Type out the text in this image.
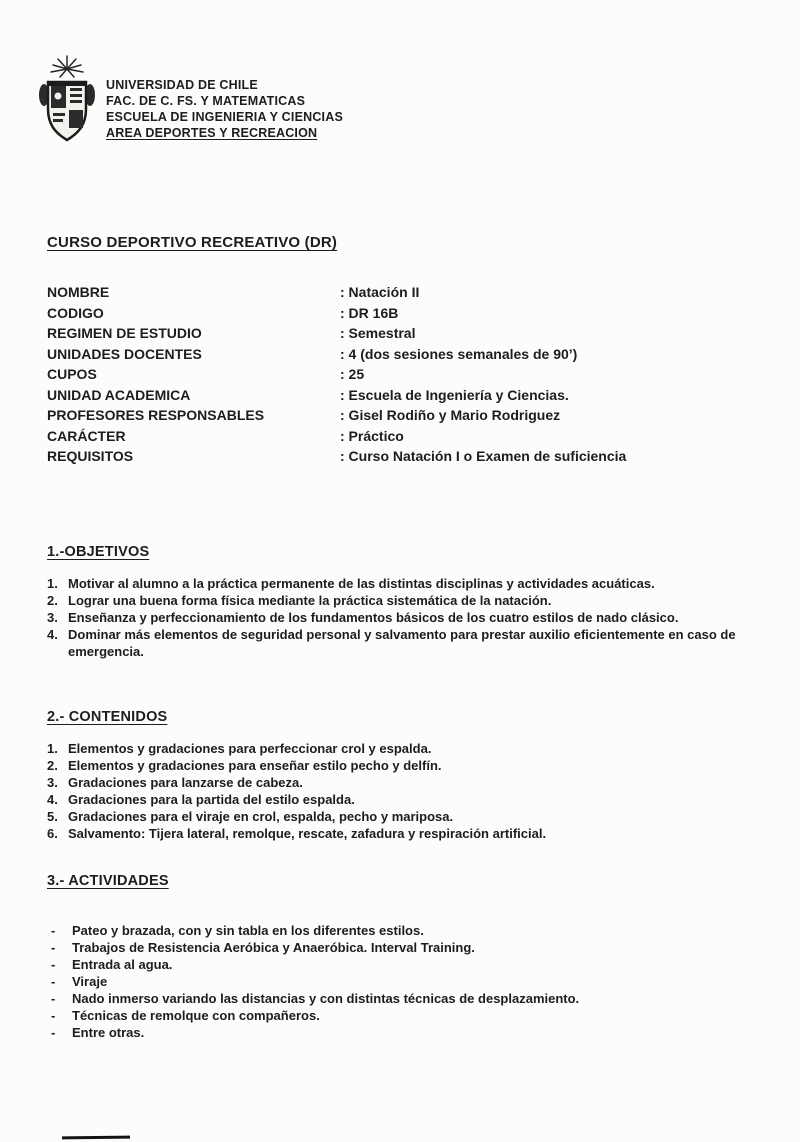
UNIVERSIDAD DE CHILE
FAC. DE C. FS. Y MATEMATICAS
ESCUELA DE INGENIERIA Y CIENCIAS
AREA DEPORTES Y RECREACION
CURSO DEPORTIVO RECREATIVO (DR)
NOMBRE	: Natación II
CODIGO	: DR 16B
REGIMEN DE ESTUDIO	: Semestral
UNIDADES DOCENTES	: 4 (dos sesiones semanales de 90’)
CUPOS	: 25
UNIDAD ACADEMICA	: Escuela de Ingeniería y Ciencias.
PROFESORES RESPONSABLES	: Gisel Rodiño y Mario Rodriguez
CARÁCTER	: Práctico
REQUISITOS	: Curso Natación I o Examen de suficiencia
1.-OBJETIVOS
1. Motivar al alumno a la práctica permanente de las distintas disciplinas y actividades acuáticas.
2. Lograr una buena forma física mediante la práctica sistemática de la natación.
3. Enseñanza y perfeccionamiento de los fundamentos básicos de los cuatro estilos de nado clásico.
4. Dominar más elementos de seguridad personal y salvamento para prestar auxilio eficientemente en caso de emergencia.
2.- CONTENIDOS
1. Elementos y gradaciones para perfeccionar crol y espalda.
2. Elementos y gradaciones para enseñar estilo pecho y delfín.
3. Gradaciones para lanzarse de cabeza.
4. Gradaciones para la partida del estilo espalda.
5. Gradaciones para el viraje en crol, espalda, pecho y mariposa.
6. Salvamento: Tijera lateral, remolque, rescate, zafadura y respiración artificial.
3.- ACTIVIDADES
-	Pateo y brazada, con y sin tabla en los diferentes estilos.
-	Trabajos de Resistencia Aeróbica y Anaeróbica. Interval Training.
-	Entrada al agua.
-	Viraje
-	Nado inmerso variando las distancias y con distintas técnicas de desplazamiento.
-	Técnicas de remolque con compañeros.
-	Entre otras.
